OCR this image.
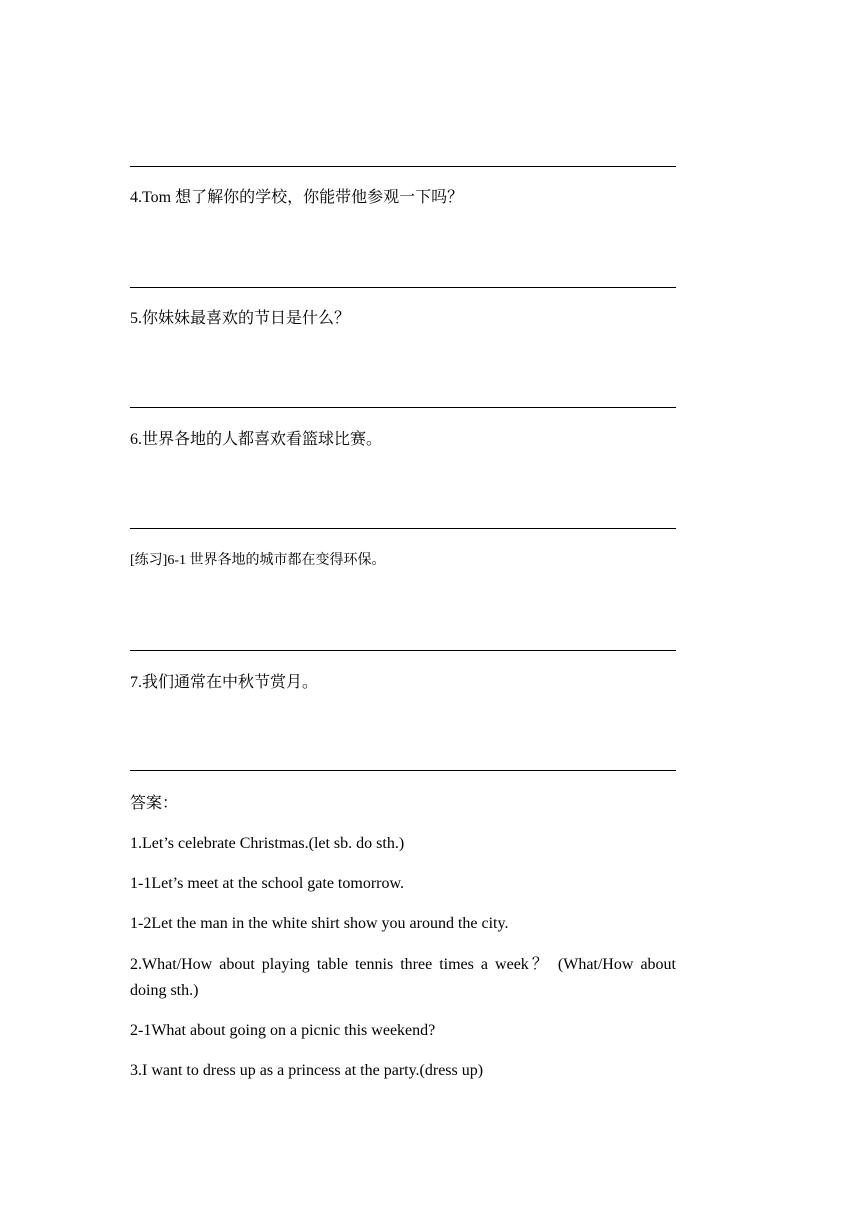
4.Tom 想了解你的学校，你能带他参观一下吗？
5.你妹妹最喜欢的节日是什么？
6.世界各地的人都喜欢看篮球比赛。
[练习]6-1 世界各地的城市都在变得环保。
7.我们通常在中秋节赏月。
答案：
1.Let’s celebrate Christmas.(let sb. do sth.)
1-1Let’s meet at the school gate tomorrow.
1-2Let the man in the white shirt show you around the city.
2.What/How about playing table tennis three times a week？ (What/How about doing sth.)
2-1What about going on a picnic this weekend?
3.I want to dress up as a princess at the party.(dress up)
